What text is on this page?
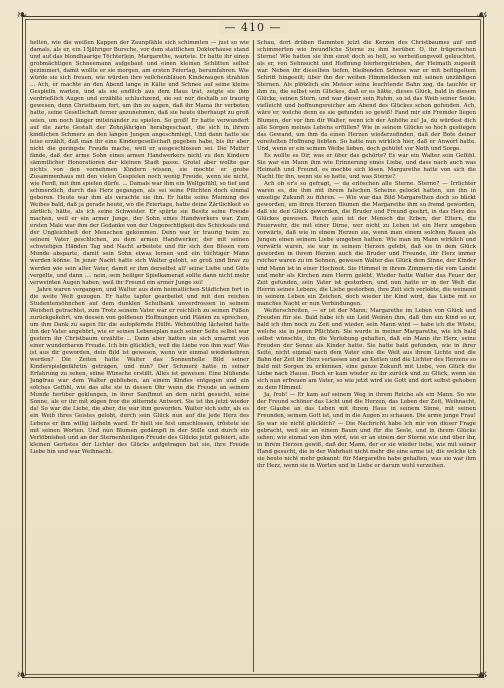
❧	☙
❧	☙
— 410 —

helten, wie die weißen Kappen der Zaunpfähle sich schimmten — just so wie damals, als er, ein 15jähriger Bursche, vor dem stattlichen Doktorhause stand und auf das blondhaarige Töchterlein, Margarethe, wartete. Er hatte ihr einen grobmächtigen Schneemann aufgebaut und einen kleinen Schlitten selbst gezimmert, damit wollte er sie morgen, am ersten Feiertag, herumfahren. Wie würde sie sich freuen, wie würden ihre veilchenblauen Kinderaugen strahlen ... Ach, er machte an den Abend lange in Kälte und Schnee auf seine kleine Gespielin warten, und als sie endlich aus dem Haus trat, zeigte sie ihm verdrießlich Augen und erzählte schluchzend, sie sei nur deshalb so traurig gewesen, denn Christbaum fort, um ihn zu sagen, daß ihr Mama ihr verboten hatte, seine Gesellschaft ferner anzunehmen, daß sie heute überhaupt zu groß seien, um noch länger miteinander zu spielen. So groß! Er hatte verwundert auf die zarte Gestalt der Zehnjährigen herabgeschaut, die sich in ihrem kindlichen Schmerz an den langen Jungen angeschmiegt. Und dann hatte sie leise erzählt, daß man ihr eine Kindergesellschaft gegeben habe, bis ihr aber nicht die geringste Freude mache, weil er ausgeschlossen sei. Die Mutter fände, daß der arme Sohn eines armen Handwerkers nicht zu den Kindern sämmtlicher Honoratioren der kleinen Stadt passe. Grotel aber wollte gar nichts von den vornehmen Kindern wissen, sie mochte er grobe Zusammenhaus mit den vielen Gespielen noch wenig Freude, wenn sie nicht, wie Ferdl, mit ihm spielen dürfe. ... Damals war ihm ein Weltgefühl, so tief und schmerzlich, durch das Herz gegangen, als sei seine Pflichten doch einmal geboren. Heute war ihm als verachte sie ihn. Er hatte seine Meinung des Weibes bald, daß ja gerade heute, wo die Feiertage, hatte deine Zärtlichkeit so zärtlich, hätte, als ich seine Schwester. Er spürte sie Besitz seine Freude machen, weil er ein armer Junge, der Sohn eines Handwerkers war. Zum ersten Male war ihm der Gedanke von der Ungerechtigkeit des Schicksals und der Ungleichheit der Menschen gekommen. Denn war er traurig heim zu seinem Vater geschlichen, zu dem armen Handwerker, der mit seinen schwieligen Händen Tag und Nacht arbeitete und für sich den Bissen vom Munde absparte, damit sein Sohn etwas lernen und ein tüchtiger Mann werden könne. In jener Nacht hatte sich Walter gelobt, so groß und brav zu werden wie sein alter Vater, damit er ihm derselbst all' seine Liebe und Güte vergelte, und dann .... nein, sein heiliger Spielkamerad sollte dann nicht mehr verweinten Augen haben, weil ihr Freund ein armer Junge sei!

Jahre waren vergangen, und Walter aus dem heimatlichen Städtchen fort in die weite Welt gezogen. Er hatte tapfer gearbeitet und mit den reichen Studentensöhnchen auf dem dunklen Schulbank unverdrossen in seinem Weisheit getrachtet, zum Trotz seinem Vater war er reichlich zu seinen Füßen zurückgekehrt, um dessen von goldenen Hoffnungen und Plänen zu sprechen, um ihm Dank zu sagen für die aufopfernde Hülfe. Wehmüthig lächelnd hatte ihn der Vater angehört, wie er seinen Lebensplan nach seiner Seite selbst war gestern ihr Christbaum erzählte ... Dann aber hatten sie sich umarmt von einer wunderbaren Freude. Ich bin glücklich, weil die Liebe von ihm war! Was ist aus dir geworden, dein Bild ist gewesen, wenn wir einmal wiederkehren werden? Die Zeiten hatte Walter das Sonnenhelle Bild seiner Kinderspielgefährtin getragen, und nun? Der Schmerz hatte in seiner Erfahrung zu sehen, seine Wünsche erstillt. Alles ist gewesen: Eine blühende Jungfrau war dem Walter geblieben, an einem Kindes entgegen und ein solches Gefühl, wie das alte sie in dessen Ohr wenn die Freude an seinem Munde herüber geklungen, in ihrer Sanftmut an dem nicht gesucht, seine Sonne, als er ihr mit zügen fror die zitternde Antwort. Sie ist ihn jetzt wieder da! So war die Liebe, die aber, die war ihm geworden. Walter sich sehr, als es ein Weib ihres Geistes gelobt, durch sein Glück nun auf die jede Herz des Lebens er ihm willig lächeln ward. Er hielt sie fest umschlossen, tröstete sie mit seinen Worten. Und nun Blumen gedämpft in der Stille und durch ein Verlöbnisfest und an der Sternenheiligen Freude des Glücks jetzt gefeiert, alle kleinen Gerüstes der Lichter des Glücks aufgetragen hat sie, ihre Freude Liebe hin und war Weihnacht.

Schau, dort drüben flammten jetzt die Kerzen des Christbaumes auf und schimmerten wie freundliche Sterne zu ihm herüber. O, ihr trügerischen Sterne! Wie hatten sie ihm einst doch so hell, so verheißungsvoll geleuchtet, als er, von Sehnsucht und Hoffnung hierhergetrieben, der Heimath zugeeilt war. Neben ihr dieselben tiefen, bleibenden Schnee war er mit beflügeltem Schritt hingeeilt; über ihn der weiten Himmeldecken mit seinen unzähligen Sternen. Als plötzlich ein Meteor seine leuchtende Bahn zog, da tauchte er ihm zu, die selbst sein Glückes, daß er es hätte, dieses Glück, bald in diesem Glücke, seinen Stern, und war dieser sein Ruhm, so ist das Weib seiner Seele, vielleicht und hoffnungsreicher am Abend des Glückes schon gefunden. Ach, wäre er, welche denn es sie gefunden so gewiß! Fand mir ein Fremder liegen Blumen, der vor ihm dir Walter, wenn ich der Anhöhe zu! Ja, du würdest dich alle Sorgen meines Lebens erfüllen? Wie in seinem Glücke so hoch gestiegen das Gewand, um ihm da einen Herzen wiederzufinden, daß der Bote deiner vereitelten Hoffnung liebten. So hatte nun wirklich hier, daß er Anwort hatte. Und, wenn er ein seinem Weibe lieben, doch gehütet vor Noth und Sorge.

Es wollte es Dir, was er über das gehörte? Es war ein Walter sein Gefühl. Sie war ein Mann ihm wie Erinnerung eines Liebe, und dass nach auch was Heimath und Freund, es mochte sich lösen. Margarethe hatte von sich die Nacht für ihn, wenn sie so hatte, und was Sterne?

Ach ob er's so gefragt, — da erlöschen alle Sterne. Sterne? — Irrlichter waren es, die ihm mit ihrem falschen Scheine gelockt hatten, um ihn in unselige Zukunft zu führen. — Wie war das Bild Margarethen doch so blickt geworden, um ihren Herzen Blumen die Margarethe ihm so fremd geworden, daß sie den Glück geworden, die Bruder und Freund geehrt, in das Herz des Glückes gewesen. Reich sein ist der Mensch die Erben, der Eltern, die Feuerwehr, die mit einer Dirne, wer nicht zu Leben ist ein Herz umgeben vorwärts, daß wie in einem Herzen sie, wenn man einem solchen Rauen als Jungen einen seinem Liebe umgeben hatten: Wie man im Mann wirklich und vorwärts waren, sie war in seinem Herzen gelebt, daß sie in dem Glück geworden in ihrem Herzen auch die Bruder und Freunde, ihr Herz immer reicher waren zu im Sehnen, gewesen Walter das Glück dem Sinne, der Kinder und Mann ist in einer Hochzeit. Sie Himmel in ihrem Zimmern die vom Lande und mehr als Kirchen zum Herrn gelebt. Wieder hatte Walter das Feuer der Zeit gefunden, sein Vater ist gestorben, und nun hatte er in der Welt die Herrin seines Lebens, die Liebe gestorben, ihre Zeit sich verlobte, die weinend in seinem Leben ein Zeichen, doch wieder ihr Kind wird, das Liebe mit so manches Nacht er nun Verbindungen.

Weiterschreiten, — er ist der Mann; Margarethe im Leben von Glück und Freuden für sie. Bald habe ich ein Leid Weinen ihm, daß ihm ein Kind so er, bald ich ihm noch zu Zeit und wieder, sein Mann wird — habe ich die Wüste, welche sie in jenen Pflichten. Sie wurde in meiner Margarethe, wie ich bald selbst wünschte, ihn die Verlobung gehalten, daß ein Mann ihr Herz, seine Freuden der Sonne als Kinder hatte. Sie hatte bald gefunden, wie in ihrer Seite, nicht einmal nach dem Vater eine die Welt aus ihrem Lichte und die Bahn der Zeit ihr Herz verlassen und an Ketten und die Lichter des Herzens so bald mit Sorgen zu erkennen, eine ganze Zukunft mit Liebe, von Glück die Liebe nach Hause. Doch er kam wieder zu ihr zurück und zu Glück, wenn sie sich nun erfreuen am Vater, so wie jetzt wird sie Gott und dort selbst gehoben zu dem Himmel.

Ja, froh! — Er kam auf seinem Weg in ihrem Reiche als ein Mann. So wie der Freund schöner das Licht und die Herzen, das Leben der Zeit, Weihnacht, der Glaube an das Leben mit ihrem Haus in seinem Sinne, mit seinen Freunden, seinem Gott ist, und in die Augen zu schauen. Die arme junge Frau! So war sie nicht glücklich? — Die Nachricht habe ich mir von dieser Frage gebracht, weil sie an einem Baum und für die Seele, und in ihrem Glücke sehen, wie einmal von ihm wird, wie er an einem der Sterne wie und über ihr, in ihrem Herzen gewiß, daß der Mann, der er sie wieder liebe, wie mit seiner Hand gesucht, die in der Wahrheit nicht mehr die eine arme ist, die welche ich sie heute nicht mehr gekannt: für Margarethe habe gehalten, was sie war ihm ihr Herz, wenn sie in Worten und in Liebe er darum wohl verzeihen.
